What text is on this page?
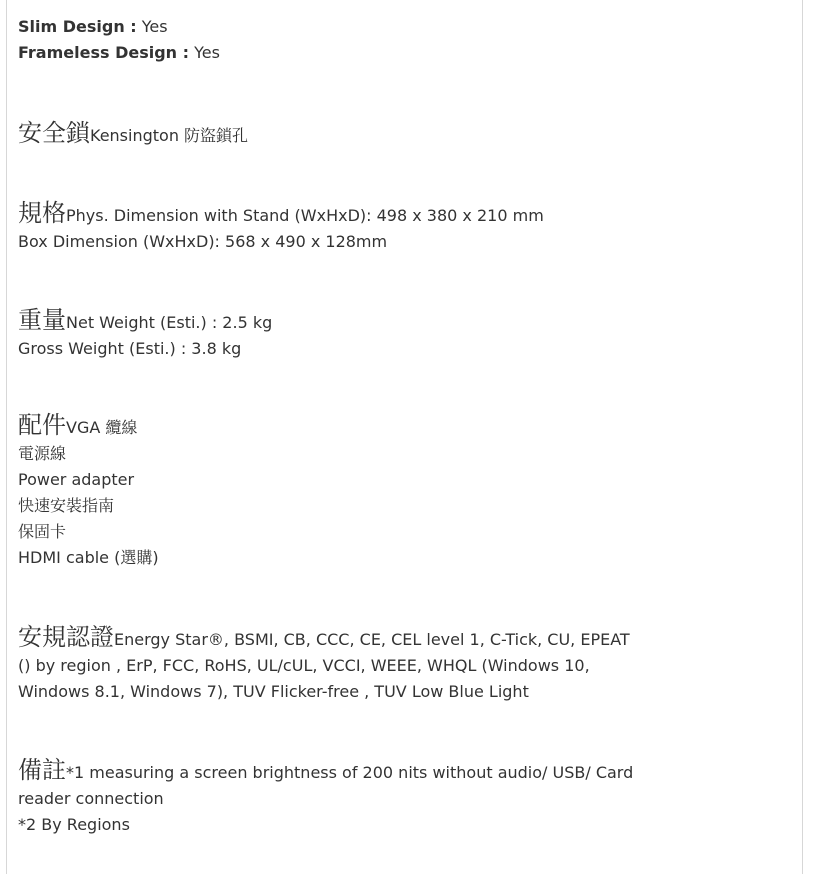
Slim Design : Yes
Frameless Design : Yes
安全鎖Kensington 防盜鎖孔
規格Phys. Dimension with Stand (WxHxD): 498 x 380 x 210 mm
Box Dimension (WxHxD): 568 x 490 x 128mm
重量Net Weight (Esti.) : 2.5 kg
Gross Weight (Esti.) : 3.8 kg
配件VGA 纜線
電源線
Power adapter
快速安裝指南
保固卡
HDMI cable (選購)
安規認證Energy Star®, BSMI, CB, CCC, CE, CEL level 1, C-Tick, CU, EPEAT
() by region , ErP, FCC, RoHS, UL/cUL, VCCI, WEEE, WHQL (Windows 10,
Windows 8.1, Windows 7), TUV Flicker-free , TUV Low Blue Light
備註*1 measuring a screen brightness of 200 nits without audio/ USB/ Card
reader connection
*2 By Regions
